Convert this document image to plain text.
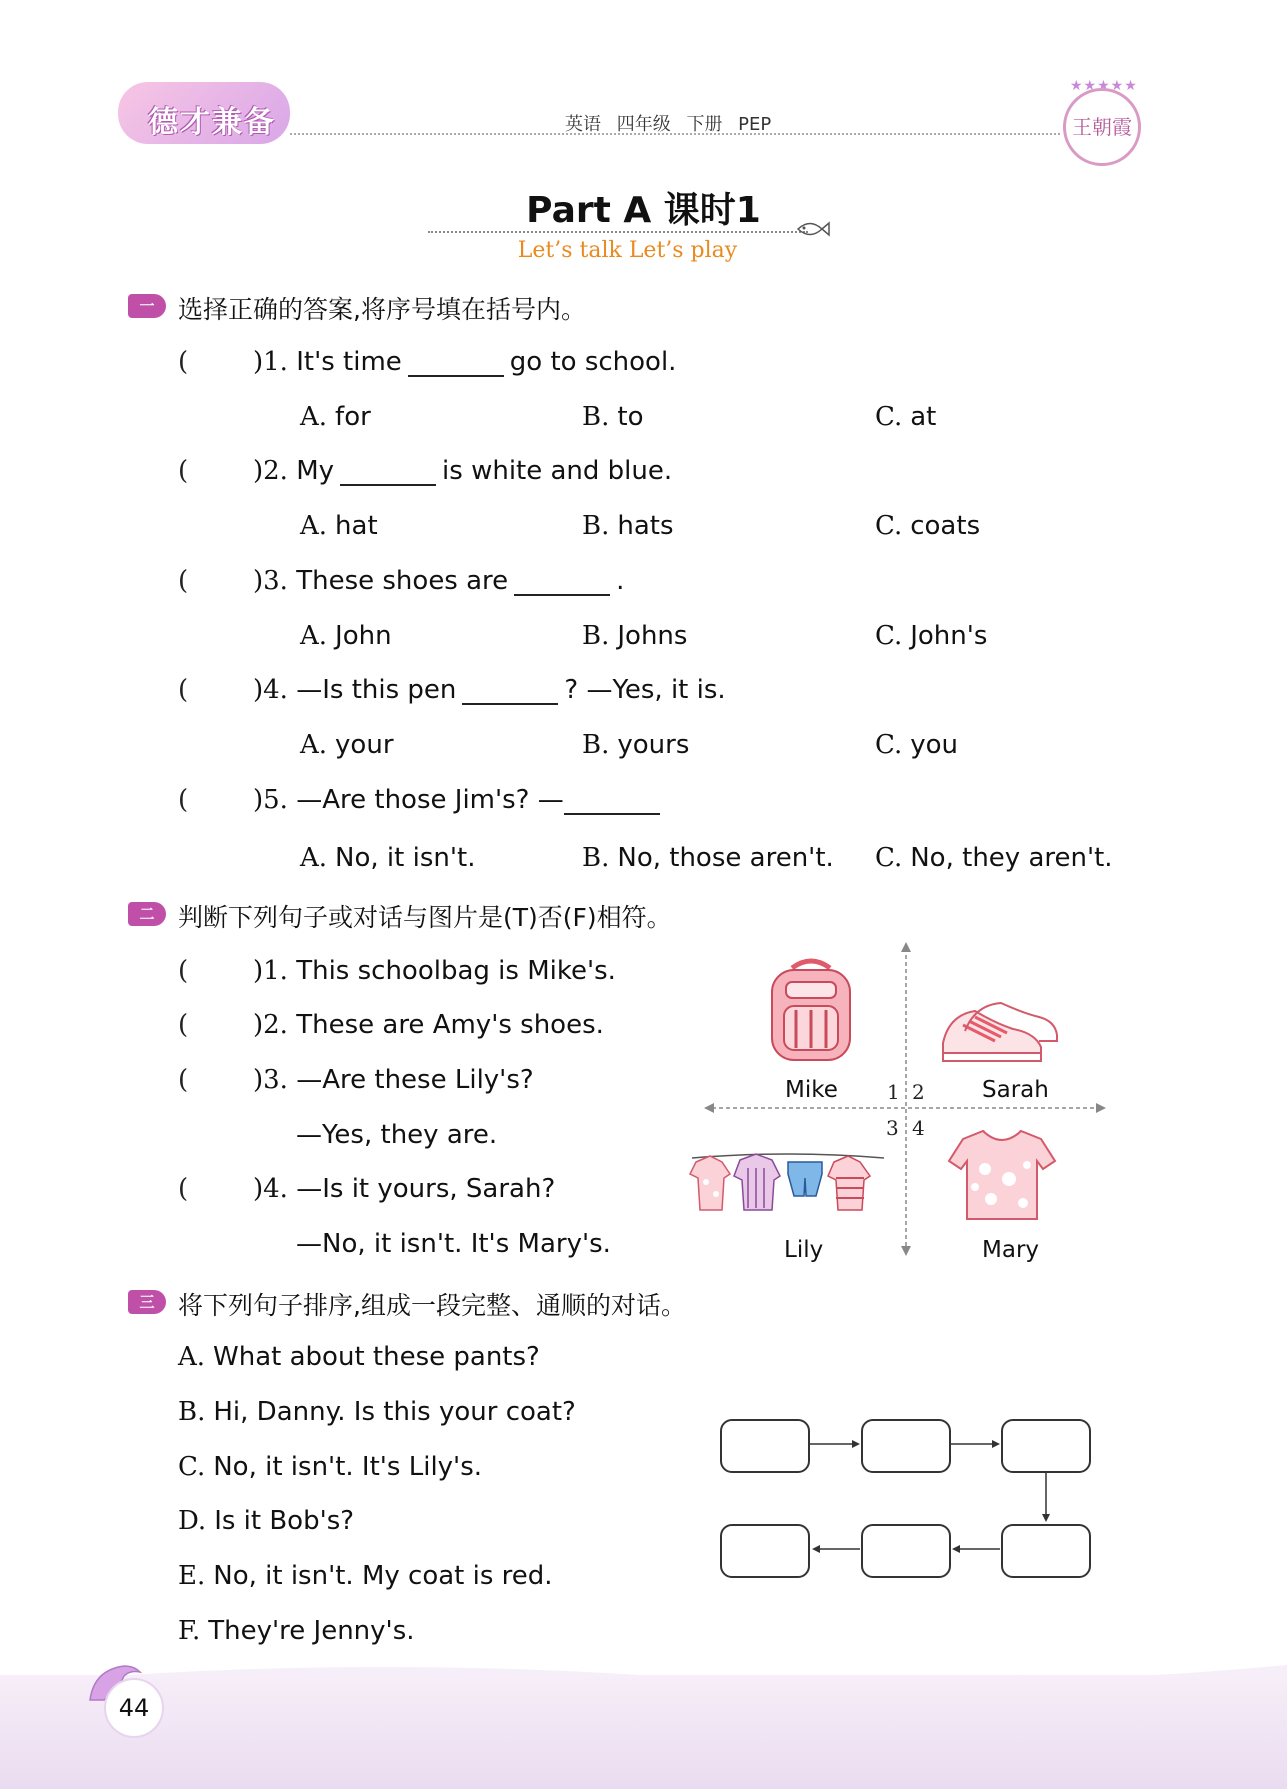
德才兼备	英语 四年级 下册 PEP
★★★★★
王朝霞
Part A 课时1
Let’s talk Let’s play
一 选择正确的答案,将序号填在括号内。
( )1. It's time	go to school.
A. for	B. to	C. at
( )2. My	is white and blue.
A. hat	B. hats	C. coats
( )3. These shoes are	.
A. John	B. Johns	C. John's
( )4. —Is this pen	? —Yes, it is.
A. your	B. yours	C. you
( )5. —Are those Jim's? —
A. No, it isn't.	B. No, those aren't. C. No, they aren't.
二 判断下列句子或对话与图片是(T)否(F)相符。
( )1. This schoolbag is Mike's.
( )2. These are Amy's shoes.
( )3. —Are these Lily's?
—Yes, they are.
( )4. —Is it yours, Sarah?
—No, it isn't. It's Mary's.
Mike	Sarah
Lily	Mary
1 2
3 4
三 将下列句子排序,组成一段完整、通顺的对话。
A. What about these pants?
B. Hi, Danny. Is this your coat?
C. No, it isn't. It's Lily's.
D. Is it Bob's?
E. No, it isn't. My coat is red.
F. They're Jenny's.
44
